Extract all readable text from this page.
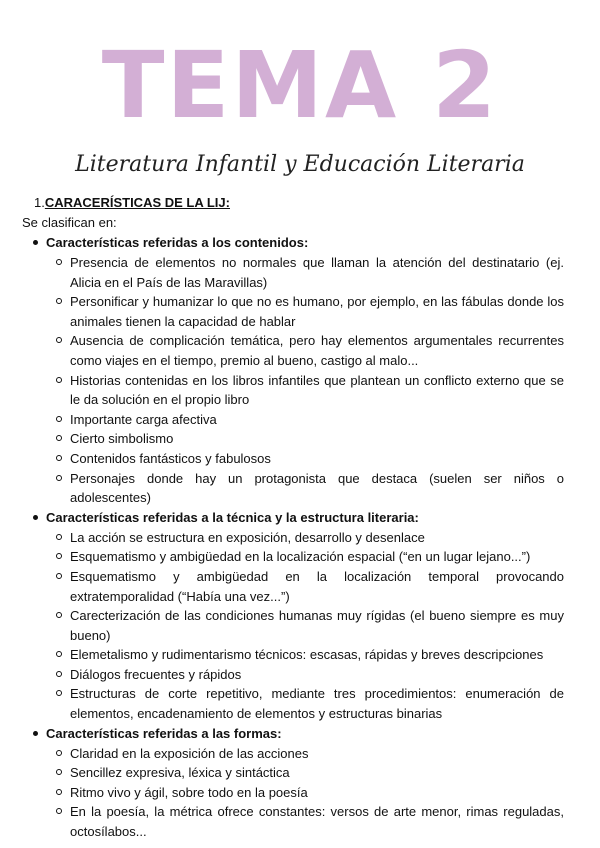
TEMA 2

Literatura Infantil y Educación Literaria

1.CARACERÍSTICAS DE LA LIJ:

Se clasifican en:

Características referidas a los contenidos:

Presencia de elementos no normales que llaman la atención del destinatario (ej. Alicia en el País de las Maravillas)
Personificar y humanizar lo que no es humano, por ejemplo, en las fábulas donde los animales tienen la capacidad de hablar
Ausencia de complicación temática, pero hay elementos argumentales recurrentes como viajes en el tiempo, premio al bueno, castigo al malo...
Historias contenidas en los libros infantiles que plantean un conflicto externo que se le da solución en el propio libro
Importante carga afectiva
Cierto simbolismo
Contenidos fantásticos y fabulosos
Personajes donde hay un protagonista que destaca (suelen ser niños o adolescentes)

Características referidas a la técnica y la estructura literaria:

La acción se estructura en exposición, desarrollo y desenlace
Esquematismo y ambigüedad en la localización espacial (“en un lugar lejano...”)
Esquematismo y ambigüedad en la localización temporal provocando extratemporalidad (“Había una vez...”)
Carecterización de las condiciones humanas muy rígidas (el bueno siempre es muy bueno)
Elemetalismo y rudimentarismo técnicos: escasas, rápidas y breves descripciones
Diálogos frecuentes y rápidos
Estructuras de corte repetitivo, mediante tres procedimientos: enumeración de elementos, encadenamiento de elementos y estructuras binarias

Características referidas a las formas:

Claridad en la exposición de las acciones
Sencillez expresiva, léxica y sintáctica
Ritmo vivo y ágil, sobre todo en la poesía
En la poesía, la métrica ofrece constantes: versos de arte menor, rimas reguladas, octosílabos...
